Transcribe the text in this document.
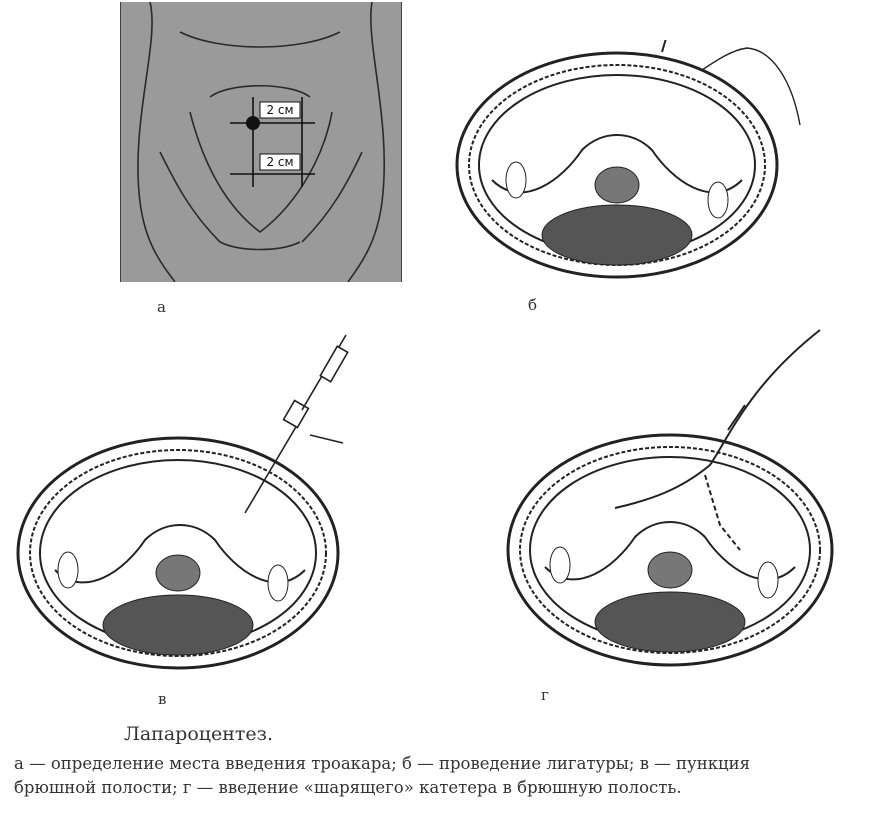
2 см
2 см
а	б
в	г
Лапароцентез.
а — определение места введения троакара; б — проведение лигатуры; в — пункция
брюшной полости; г — введение «шарящего» катетера в брюшную полость.
